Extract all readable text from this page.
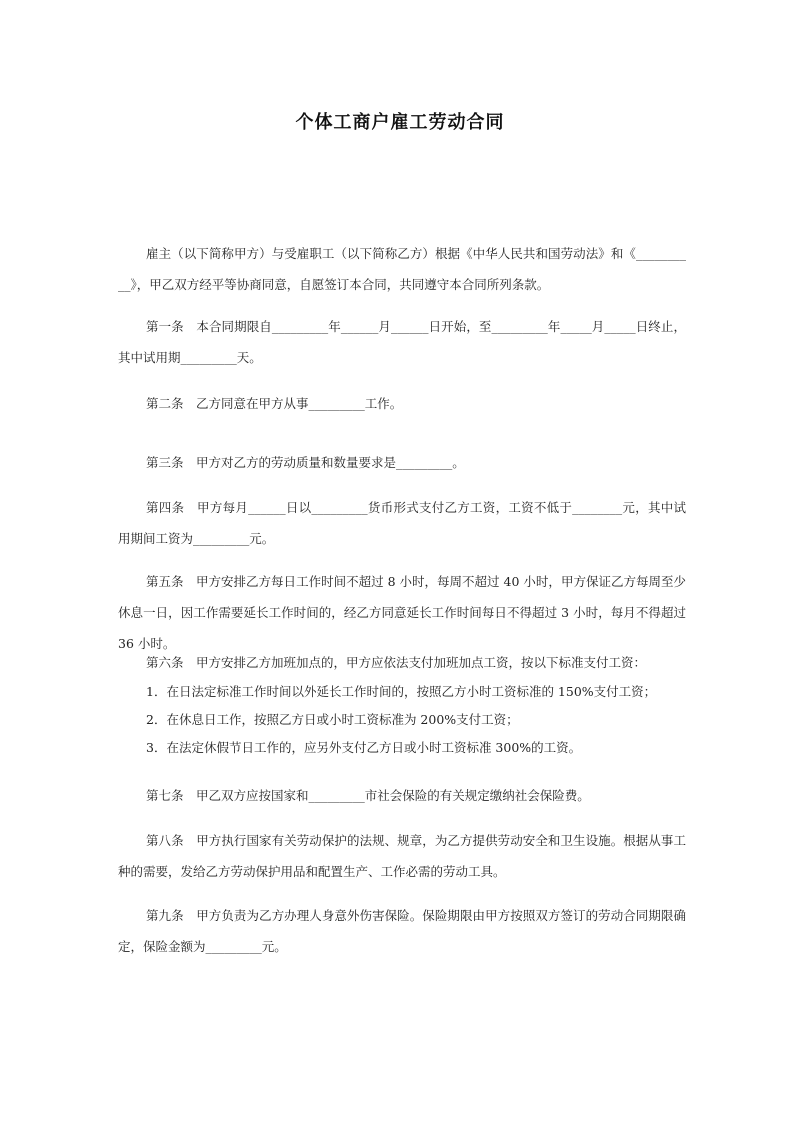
个体工商户雇工劳动合同

雇主（以下简称甲方）与受雇职工（以下简称乙方）根据《中华人民共和国劳动法》和《__________》，甲乙双方经平等协商同意，自愿签订本合同，共同遵守本合同所列条款。

第一条　本合同期限自_________年______月______日开始，至_________年_____月_____日终止，其中试用期_________天。

第二条　乙方同意在甲方从事_________工作。

第三条　甲方对乙方的劳动质量和数量要求是_________。

第四条　甲方每月______日以_________货币形式支付乙方工资，工资不低于________元，其中试用期间工资为_________元。

第五条　甲方安排乙方每日工作时间不超过 8 小时，每周不超过 40 小时，甲方保证乙方每周至少休息一日，因工作需要延长工作时间的，经乙方同意延长工作时间每日不得超过 3 小时，每月不得超过 36 小时。

第六条　甲方安排乙方加班加点的，甲方应依法支付加班加点工资，按以下标准支付工资：

1．在日法定标准工作时间以外延长工作时间的，按照乙方小时工资标准的 150%支付工资；

2．在休息日工作，按照乙方日或小时工资标准为 200%支付工资；

3．在法定休假节日工作的，应另外支付乙方日或小时工资标准 300%的工资。

第七条　甲乙双方应按国家和_________市社会保险的有关规定缴纳社会保险费。

第八条　甲方执行国家有关劳动保护的法规、规章，为乙方提供劳动安全和卫生设施。根据从事工种的需要，发给乙方劳动保护用品和配置生产、工作必需的劳动工具。

第九条　甲方负责为乙方办理人身意外伤害保险。保险期限由甲方按照双方签订的劳动合同期限确定，保险金额为_________元。
